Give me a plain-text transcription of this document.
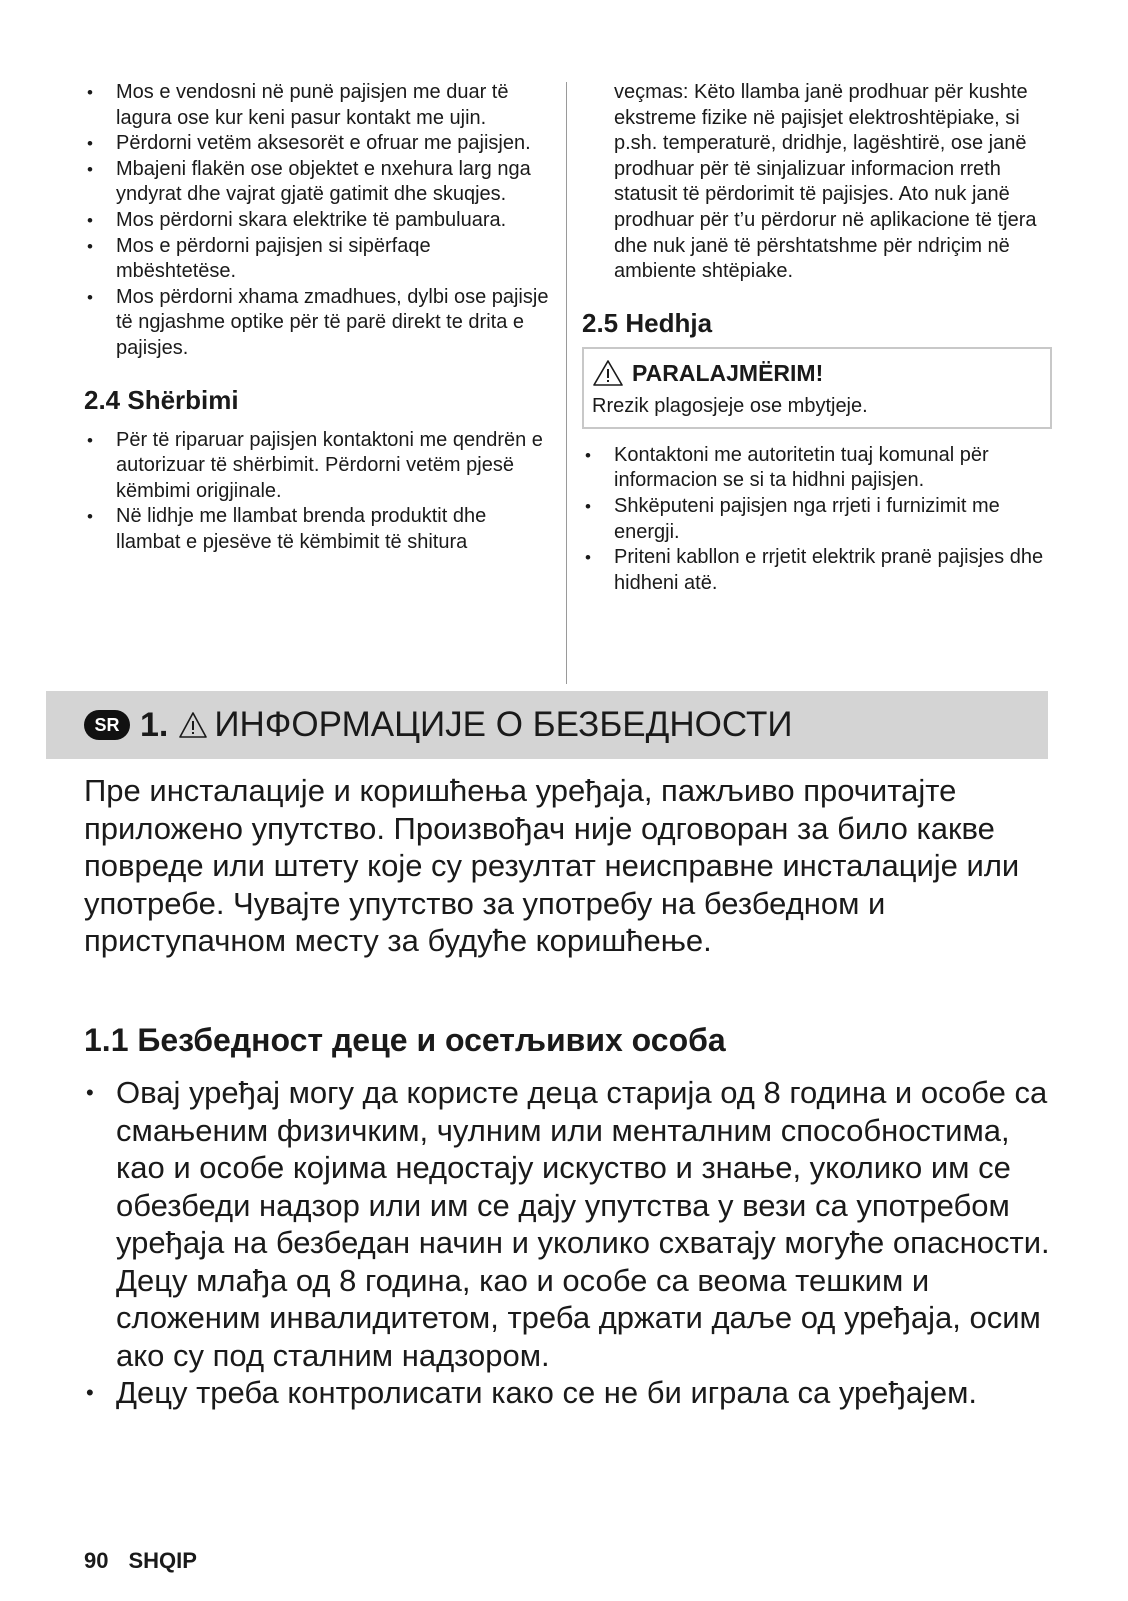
• Mos e vendosni në punë pajisjen me duar të lagura ose kur keni pasur kontakt me ujin.
• Përdorni vetëm aksesorët e ofruar me pajisjen.
• Mbajeni flakën ose objektet e nxehura larg nga yndyrat dhe vajrat gjatë gatimit dhe skuqjes.
• Mos përdorni skara elektrike të pambuluara.
• Mos e përdorni pajisjen si sipërfaqe mbështetëse.
• Mos përdorni xhama zmadhues, dylbi ose pajisje të ngjashme optike për të parë direkt te drita e pajisjes.
2.4 Shërbimi
• Për të riparuar pajisjen kontaktoni me qendrën e autorizuar të shërbimit. Përdorni vetëm pjesë këmbimi origjinale.
• Në lidhje me llambat brenda produktit dhe llambat e pjesëve të këmbimit të shitura
veçmas: Këto llamba janë prodhuar për kushte ekstreme fizike në pajisjet elektroshtëpiake, si p.sh. temperaturë, dridhje, lagështirë, ose janë prodhuar për të sinjalizuar informacion rreth statusit të përdorimit të pajisjes. Ato nuk janë prodhuar për t’u përdorur në aplikacione të tjera dhe nuk janë të përshtatshme për ndriçim në ambiente shtëpiake.
2.5 Hedhja
PARALAJMËRIM!
Rrezik plagosjeje ose mbytjeje.
• Kontaktoni me autoritetin tuaj komunal për informacion se si ta hidhni pajisjen.
• Shkëputeni pajisjen nga rrjeti i furnizimit me energji.
• Priteni kabllon e rrjetit elektrik pranë pajisjes dhe hidheni atë.
SR 1. ИНФОРМАЦИЈЕ О БЕЗБЕДНОСТИ
Пре инсталације и коришћења уређаја, пажљиво прочитајте приложено упутство. Произвођач није одговоран за било какве повреде или штету које су резултат неисправне инсталације или употребе. Чувајте упутство за употребу на безбедном и приступачном месту за будуће коришћење.
1.1 Безбедност деце и осетљивих особа
• Овај уређај могу да користе деца старија од 8 година и особе са смањеним физичким, чулним или менталним способностима, као и особе којима недостају искуство и знање, уколико им се обезбеди надзор или им се дају упутства у вези са употребом уређаја на безбедан начин и уколико схватају могуће опасности. Децу млађа од 8 година, као и особе са веома тешким и сложеним инвалидитетом, треба држати даље од уређаја, осим ако су под сталним надзором.
• Децу треба контролисати како се не би играла са уређајем.
90 SHQIP
